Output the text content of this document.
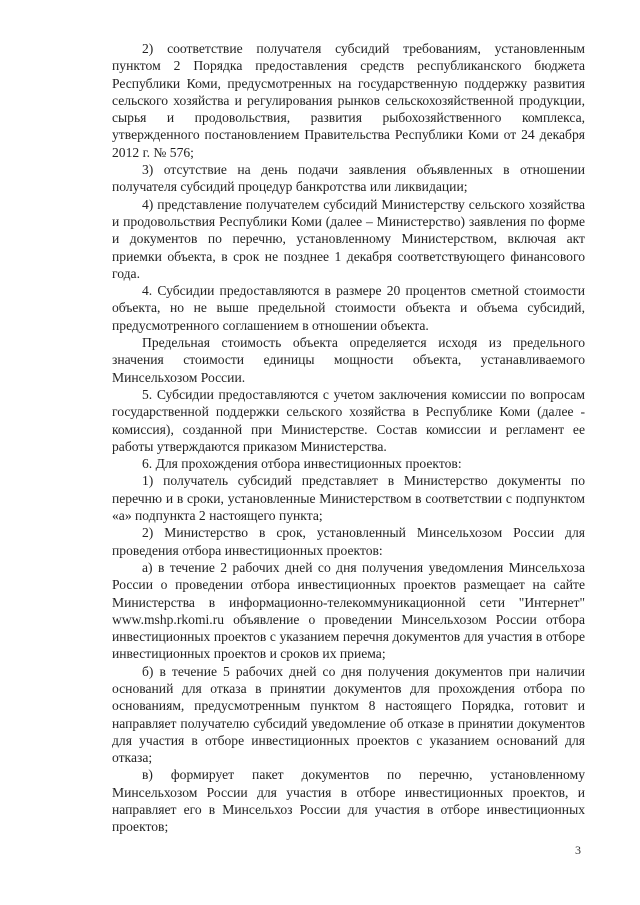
2) соответствие получателя субсидий требованиям, установленным пунктом 2 Порядка предоставления средств республиканского бюджета Республики Коми, предусмотренных на государственную поддержку развития сельского хозяйства и регулирования рынков сельскохозяйственной продукции, сырья и продовольствия, развития рыбохозяйственного комплекса, утвержденного постановлением Правительства Республики Коми от 24 декабря 2012 г. № 576;

3) отсутствие на день подачи заявления объявленных в отношении получателя субсидий процедур банкротства или ликвидации;

4) представление получателем субсидий Министерству сельского хозяйства и продовольствия Республики Коми (далее – Министерство) заявления по форме и документов по перечню, установленному Министерством, включая акт приемки объекта, в срок не позднее 1 декабря соответствующего финансового года.

4. Субсидии предоставляются в размере 20 процентов сметной стоимости объекта, но не выше предельной стоимости объекта и объема субсидий, предусмотренного соглашением в отношении объекта.

Предельная стоимость объекта определяется исходя из предельного значения стоимости единицы мощности объекта, устанавливаемого Минсельхозом России.

5. Субсидии предоставляются с учетом заключения комиссии по вопросам государственной поддержки сельского хозяйства в Республике Коми (далее - комиссия), созданной при Министерстве. Состав комиссии и регламент ее работы утверждаются приказом Министерства.

6. Для прохождения отбора инвестиционных проектов:

1) получатель субсидий представляет в Министерство документы по перечню и в сроки, установленные Министерством в соответствии с подпунктом «а» подпункта 2 настоящего пункта;

2) Министерство в срок, установленный Минсельхозом России для проведения отбора инвестиционных проектов:

а) в течение 2 рабочих дней со дня получения уведомления Минсельхоза России о проведении отбора инвестиционных проектов размещает на сайте Министерства в информационно-телекоммуникационной сети "Интернет" www.mshp.rkomi.ru объявление о проведении Минсельхозом России отбора инвестиционных проектов с указанием перечня документов для участия в отборе инвестиционных проектов и сроков их приема;

б) в течение 5 рабочих дней со дня получения документов при наличии оснований для отказа в принятии документов для прохождения отбора по основаниям, предусмотренным пунктом 8 настоящего Порядка, готовит и направляет получателю субсидий уведомление об отказе в принятии документов для участия в отборе инвестиционных проектов с указанием оснований для отказа;

в) формирует пакет документов по перечню, установленному Минсельхозом России для участия в отборе инвестиционных проектов, и направляет его в Минсельхоз России для участия в отборе инвестиционных проектов;

3
